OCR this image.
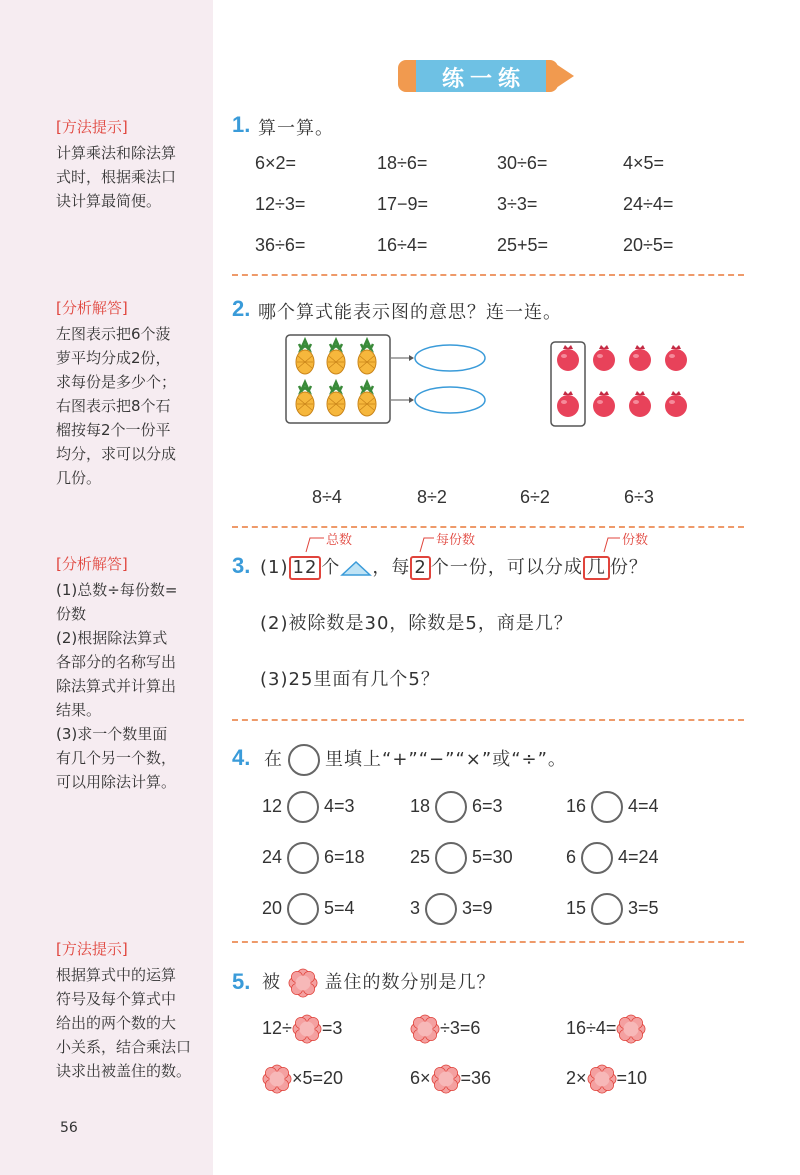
[方法提示]
计算乘法和除法算
式时，根据乘法口
诀计算最简便。
[分析解答]
左图表示把6个菠
萝平均分成2份，
求每份是多少个；
右图表示把8个石
榴按每2个一份平
均分，求可以分成
几份。
[分析解答]
(1)总数÷每份数=
份数
(2)根据除法算式
各部分的名称写出
除法算式并计算出
结果。
(3)求一个数里面
有几个另一个数，
可以用除法计算。
[方法提示]
根据算式中的运算
符号及每个算式中
给出的两个数的大
小关系，结合乘法口
诀求出被盖住的数。
56
练一练
1. 算一算。
6×2=	18÷6=	30÷6=	4×5=
12÷3=	17−9=	3÷3=	24÷4=
36÷6=	16÷4=	25+5=	20÷5=
2. 哪个算式能表示图的意思？连一连。
8÷4	8÷2	6÷2	6÷3
总数	每份数	份数
3. (1) 12 个 ，每 2 个一份，可以分成 几 份？
(2)被除数是30，除数是5，商是几？
(3)25里面有几个5？
4. 在 里填上“+”“−”“×”或“÷”。
12 4=3	18 6=3	16 4=4
24 6=18	25 5=30	6 4=24
20 5=4	3 3=9	15 3=5
5. 被 盖住的数分别是几？
12÷ =3	÷3=6	16÷4=
×5=20	6× =36	2× =10
